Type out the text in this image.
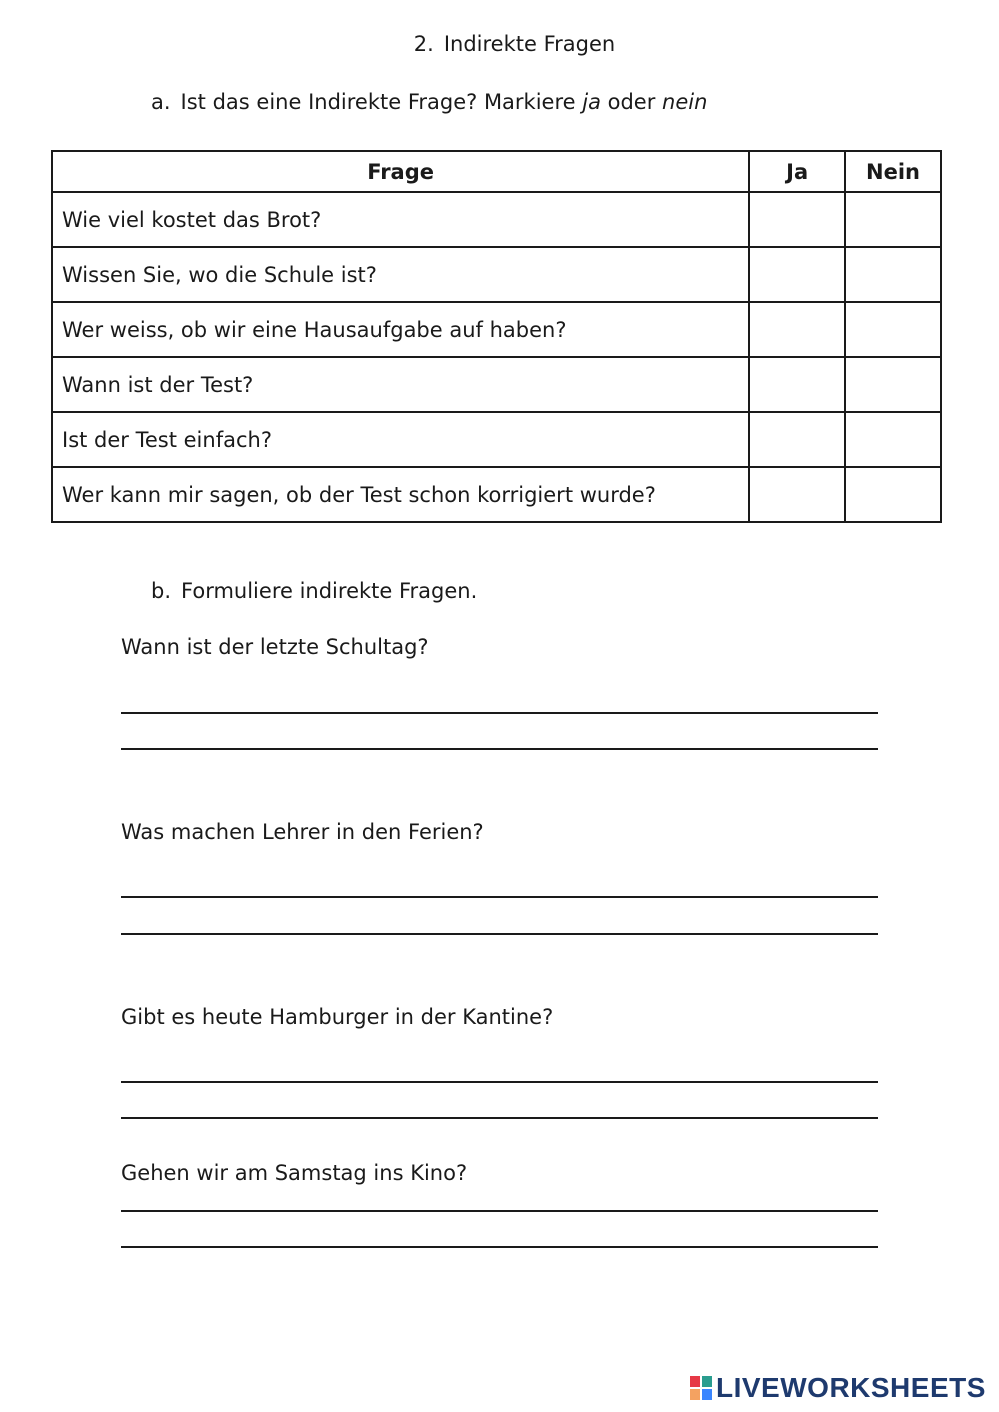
2. Indirekte Fragen
a. Ist das eine Indirekte Frage? Markiere ja oder nein
Frage	Ja	Nein
Wie viel kostet das Brot?		
Wissen Sie, wo die Schule ist?		
Wer weiss, ob wir eine Hausaufgabe auf haben?		
Wann ist der Test?		
Ist der Test einfach?		
Wer kann mir sagen, ob der Test schon korrigiert wurde?		
b. Formuliere indirekte Fragen.
Wann ist der letzte Schultag?
Was machen Lehrer in den Ferien?
Gibt es heute Hamburger in der Kantine?
Gehen wir am Samstag ins Kino?
LIVEWORKSHEETS
